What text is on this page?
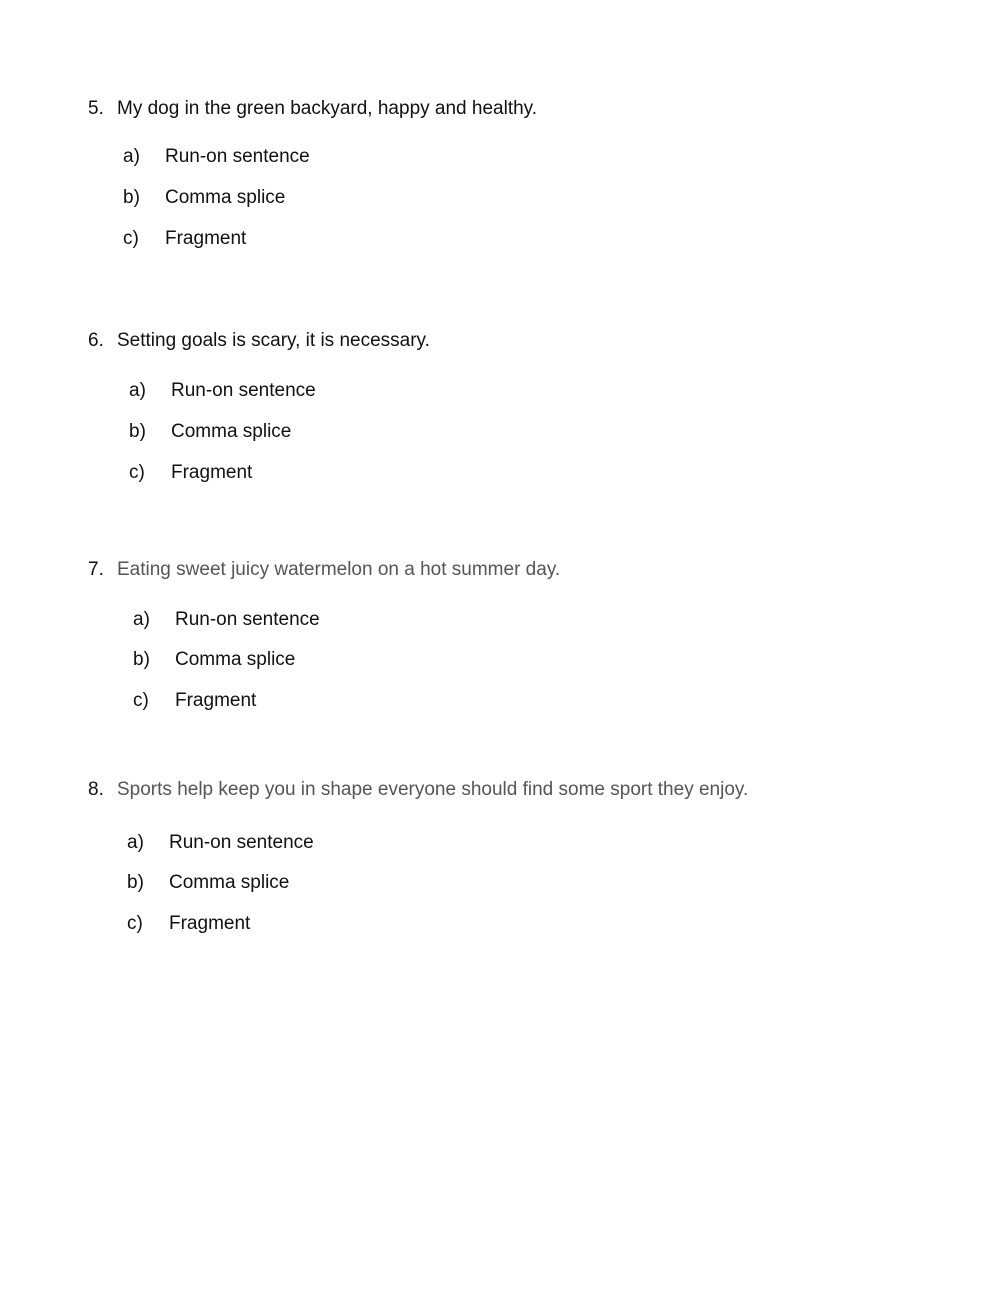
5. My dog in the green backyard, happy and healthy.
a) Run-on sentence
b) Comma splice
c) Fragment
6. Setting goals is scary, it is necessary.
a) Run-on sentence
b) Comma splice
c) Fragment
7. Eating sweet juicy watermelon on a hot summer day.
a) Run-on sentence
b) Comma splice
c) Fragment
8. Sports help keep you in shape everyone should find some sport they enjoy.
a) Run-on sentence
b) Comma splice
c) Fragment
